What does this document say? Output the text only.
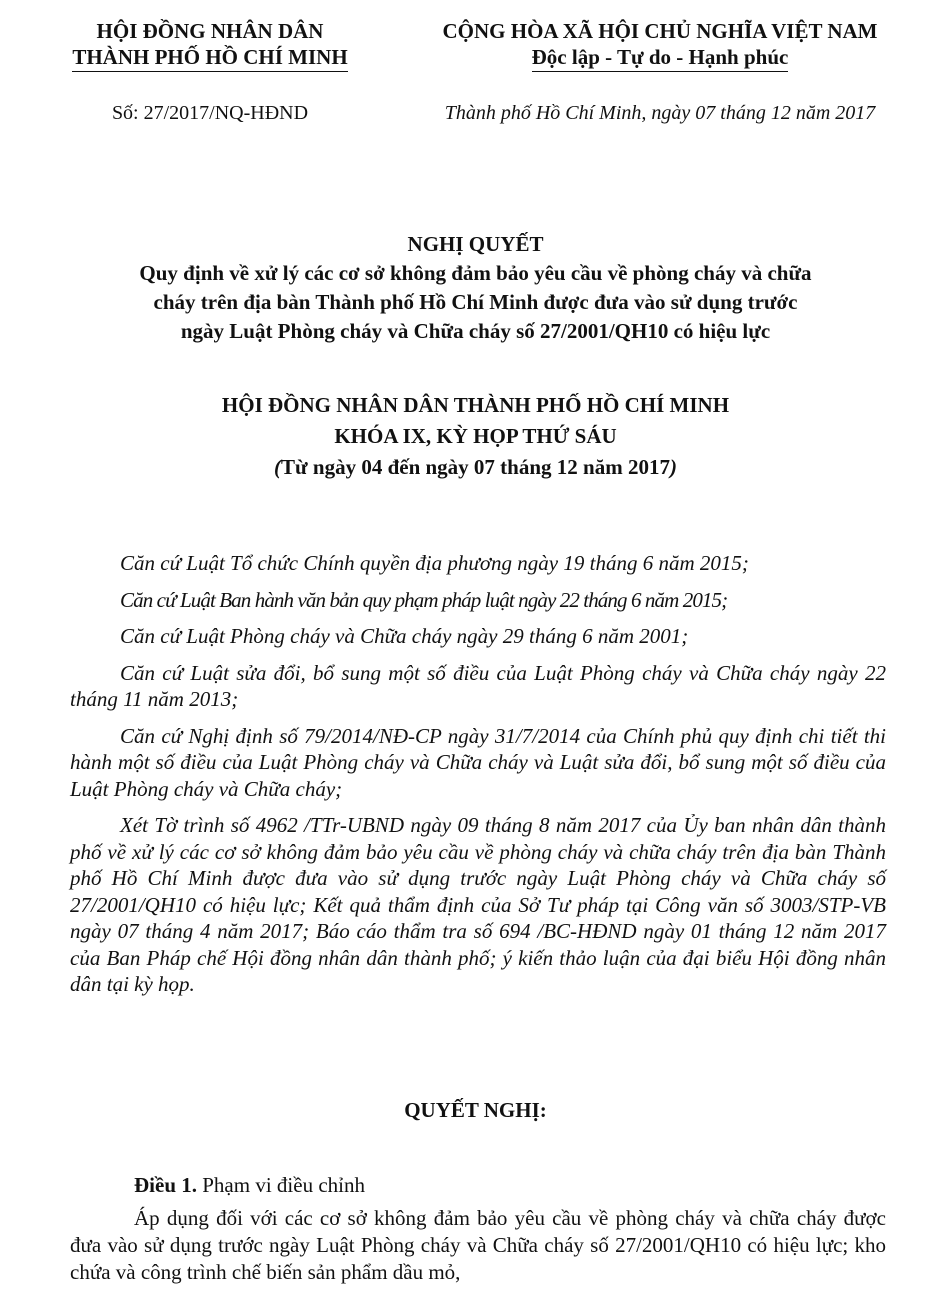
HỘI ĐỒNG NHÂN DÂN
THÀNH PHỐ HỒ CHÍ MINH
CỘNG HÒA XÃ HỘI CHỦ NGHĨA VIỆT NAM
Độc lập - Tự do - Hạnh phúc
Số: 27/2017/NQ-HĐND	Thành phố Hồ Chí Minh, ngày 07 tháng 12 năm 2017
NGHỊ QUYẾT
Quy định về xử lý các cơ sở không đảm bảo yêu cầu về phòng cháy và chữa
cháy trên địa bàn Thành phố Hồ Chí Minh được đưa vào sử dụng trước
ngày Luật Phòng cháy và Chữa cháy số 27/2001/QH10 có hiệu lực
HỘI ĐỒNG NHÂN DÂN THÀNH PHỐ HỒ CHÍ MINH
KHÓA IX, KỲ HỌP THỨ SÁU
(Từ ngày 04 đến ngày 07 tháng 12 năm 2017)

Căn cứ Luật Tổ chức Chính quyền địa phương ngày 19 tháng 6 năm 2015;

Căn cứ Luật Ban hành văn bản quy phạm pháp luật ngày 22 tháng 6 năm 2015;

Căn cứ Luật Phòng cháy và Chữa cháy ngày 29 tháng 6 năm 2001;

Căn cứ Luật sửa đổi, bổ sung một số điều của Luật Phòng cháy và Chữa cháy ngày 22 tháng 11 năm 2013;

Căn cứ Nghị định số 79/2014/NĐ-CP ngày 31/7/2014 của Chính phủ quy định chi tiết thi hành một số điều của Luật Phòng cháy và Chữa cháy và Luật sửa đổi, bổ sung một số điều của Luật Phòng cháy và Chữa cháy;

Xét Tờ trình số 4962 /TTr-UBND ngày 09 tháng 8 năm 2017 của Ủy ban nhân dân thành phố về xử lý các cơ sở không đảm bảo yêu cầu về phòng cháy và chữa cháy trên địa bàn Thành phố Hồ Chí Minh được đưa vào sử dụng trước ngày Luật Phòng cháy và Chữa cháy số 27/2001/QH10 có hiệu lực; Kết quả thẩm định của Sở Tư pháp tại Công văn số 3003/STP-VB ngày 07 tháng 4 năm 2017; Báo cáo thẩm tra số 694 /BC-HĐND ngày 01 tháng 12 năm 2017 của Ban Pháp chế Hội đồng nhân dân thành phố; ý kiến thảo luận của đại biểu Hội đồng nhân dân tại kỳ họp.

QUYẾT NGHỊ:

Điều 1. Phạm vi điều chỉnh

Áp dụng đối với các cơ sở không đảm bảo yêu cầu về phòng cháy và chữa cháy được đưa vào sử dụng trước ngày Luật Phòng cháy và Chữa cháy số 27/2001/QH10 có hiệu lực; kho chứa và công trình chế biến sản phẩm dầu mỏ,
